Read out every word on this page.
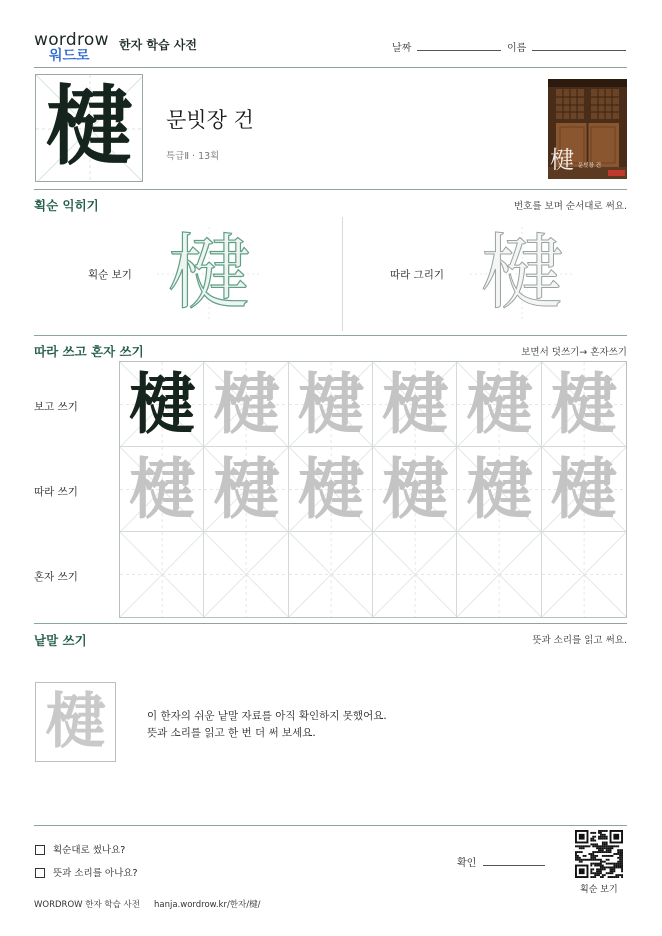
wordrow
워드로
한자 학습 사전	날짜	이름
楗	문빗장 건
특급Ⅱ · 13획	楗 문빗장 건
획순 익히기	번호를 보며 순서대로 써요.
획순 보기 楗	따라 그리기 楗
따라 쓰고 혼자 쓰기	보면서 덧쓰기→ 혼자쓰기
보고 쓰기
따라 쓰기
혼자 쓰기
楗 楗 楗 楗 楗 楗
楗 楗 楗 楗 楗 楗
낱말 쓰기	뜻과 소리를 읽고 써요.
楗	이 한자의 쉬운 낱말 자료를 아직 확인하지 못했어요.
뜻과 소리를 읽고 한 번 더 써 보세요.
획순대로 썼나요?
뜻과 소리를 아나요?
확인
획순 보기
WORDROW 한자 학습 사전 hanja.wordrow.kr/한자/楗/
